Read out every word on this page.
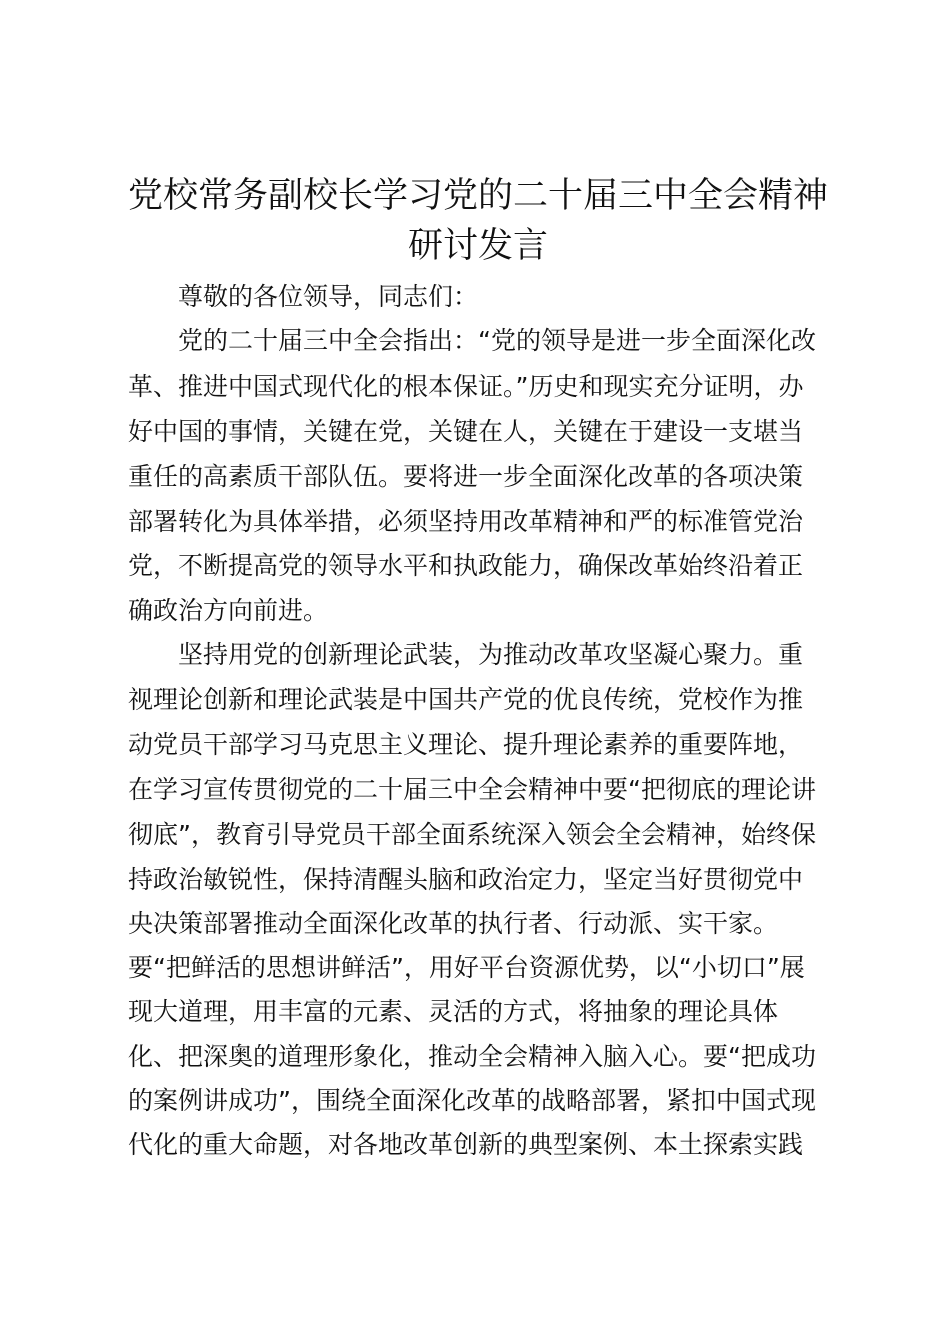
党校常务副校长学习党的二十届三中全会精神
研讨发言

尊敬的各位领导，同志们：

党的二十届三中全会指出：“党的领导是进一步全面深化改

革、推进中国式现代化的根本保证。”历史和现实充分证明，办

好中国的事情，关键在党，关键在人，关键在于建设一支堪当

重任的高素质干部队伍。要将进一步全面深化改革的各项决策

部署转化为具体举措，必须坚持用改革精神和严的标准管党治

党，不断提高党的领导水平和执政能力，确保改革始终沿着正

确政治方向前进。

坚持用党的创新理论武装，为推动改革攻坚凝心聚力。重

视理论创新和理论武装是中国共产党的优良传统，党校作为推

动党员干部学习马克思主义理论、提升理论素养的重要阵地，

在学习宣传贯彻党的二十届三中全会精神中要“把彻底的理论讲

彻底”，教育引导党员干部全面系统深入领会全会精神，始终保

持政治敏锐性，保持清醒头脑和政治定力，坚定当好贯彻党中

央决策部署推动全面深化改革的执行者、行动派、实干家。

要“把鲜活的思想讲鲜活”，用好平台资源优势，以“小切口”展

现大道理，用丰富的元素、灵活的方式，将抽象的理论具体

化、把深奥的道理形象化，推动全会精神入脑入心。要“把成功

的案例讲成功”，围绕全面深化改革的战略部署，紧扣中国式现

代化的重大命题，对各地改革创新的典型案例、本土探索实践
